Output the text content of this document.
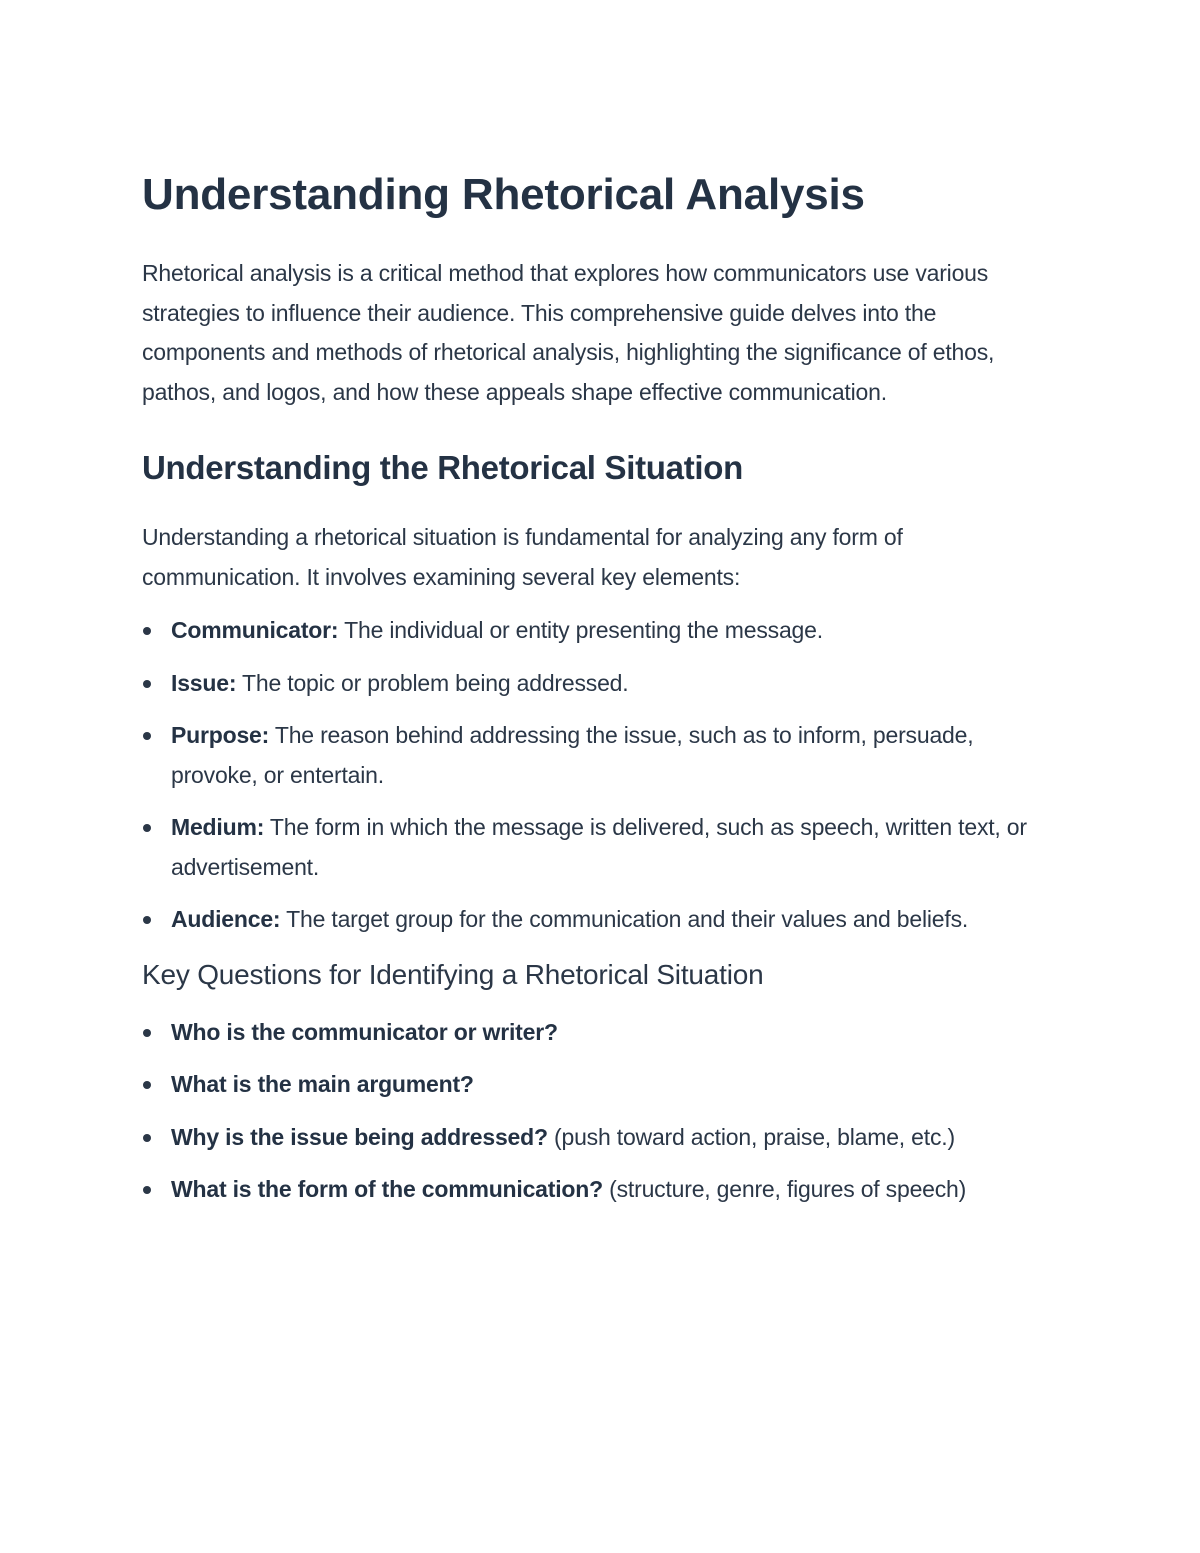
Understanding Rhetorical Analysis

Rhetorical analysis is a critical method that explores how communicators use various strategies to influence their audience. This comprehensive guide delves into the components and methods of rhetorical analysis, highlighting the significance of ethos, pathos, and logos, and how these appeals shape effective communication.

Understanding the Rhetorical Situation

Understanding a rhetorical situation is fundamental for analyzing any form of communication. It involves examining several key elements:

Communicator: The individual or entity presenting the message.
Issue: The topic or problem being addressed.
Purpose: The reason behind addressing the issue, such as to inform, persuade, provoke, or entertain.
Medium: The form in which the message is delivered, such as speech, written text, or advertisement.
Audience: The target group for the communication and their values and beliefs.
Key Questions for Identifying a Rhetorical Situation
Who is the communicator or writer?
What is the main argument?
Why is the issue being addressed? (push toward action, praise, blame, etc.)
What is the form of the communication? (structure, genre, figures of speech)
